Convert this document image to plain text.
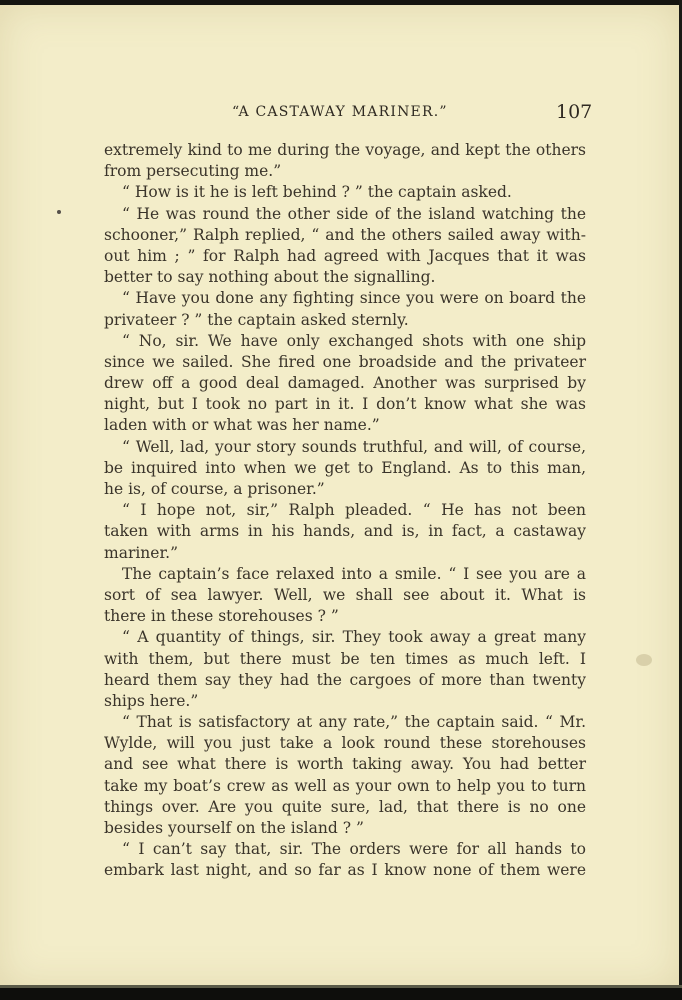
“A CASTAWAY MARINER.”	107
extremely kind to me during the voyage, and kept the others
from persecuting me.”
“ How is it he is left behind ? ” the captain asked.
“ He was round the other side of the island watching the
schooner,” Ralph replied, “ and the others sailed away with-
out him ; ” for Ralph had agreed with Jacques that it was
better to say nothing about the signalling.
“ Have you done any fighting since you were on board the
privateer ? ” the captain asked sternly.
“ No, sir. We have only exchanged shots with one ship
since we sailed. She fired one broadside and the privateer
drew off a good deal damaged. Another was surprised by
night, but I took no part in it. I don’t know what she was
laden with or what was her name.”
“ Well, lad, your story sounds truthful, and will, of course,
be inquired into when we get to England. As to this man,
he is, of course, a prisoner.”
“ I hope not, sir,” Ralph pleaded. “ He has not been
taken with arms in his hands, and is, in fact, a castaway
mariner.”
The captain’s face relaxed into a smile. “ I see you are a
sort of sea lawyer. Well, we shall see about it. What is
there in these storehouses ? ”
“ A quantity of things, sir. They took away a great many
with them, but there must be ten times as much left. I
heard them say they had the cargoes of more than twenty
ships here.”
“ That is satisfactory at any rate,” the captain said. “ Mr.
Wylde, will you just take a look round these storehouses
and see what there is worth taking away. You had better
take my boat’s crew as well as your own to help you to turn
things over. Are you quite sure, lad, that there is no one
besides yourself on the island ? ”
“ I can’t say that, sir. The orders were for all hands to
embark last night, and so far as I know none of them were
